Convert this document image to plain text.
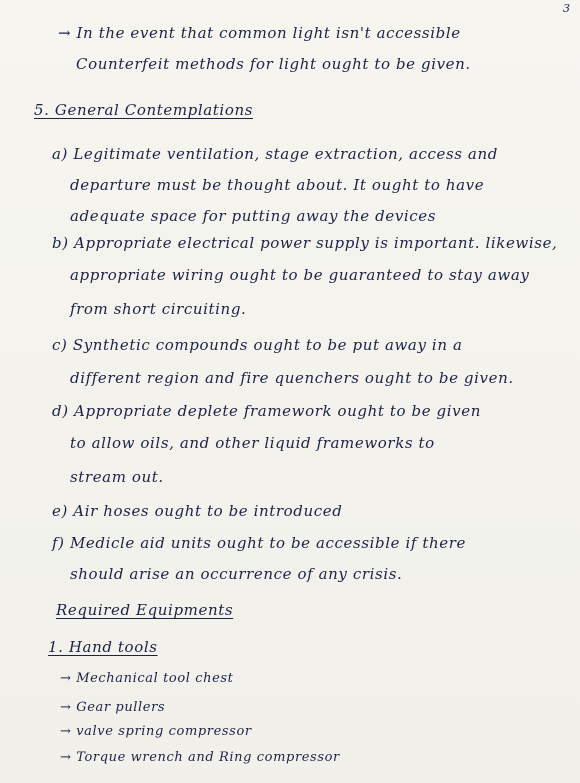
3
→ In the event that common light isn't accessible
Counterfeit methods for light ought to be given.
5. General Contemplations
a) Legitimate ventilation, stage extraction, access and
departure must be thought about. It ought to have
adequate space for putting away the devices
b) Appropriate electrical power supply is important. likewise,
appropriate wiring ought to be guaranteed to stay away
from short circuiting.
c) Synthetic compounds ought to be put away in a
different region and fire quenchers ought to be given.
d) Appropriate deplete framework ought to be given
to allow oils, and other liquid frameworks to
stream out.
e) Air hoses ought to be introduced
f) Medicle aid units ought to be accessible if there
should arise an occurrence of any crisis.
Required Equipments
1. Hand tools
→ Mechanical tool chest
→ Gear pullers
→ valve spring compressor
→ Torque wrench and Ring compressor
